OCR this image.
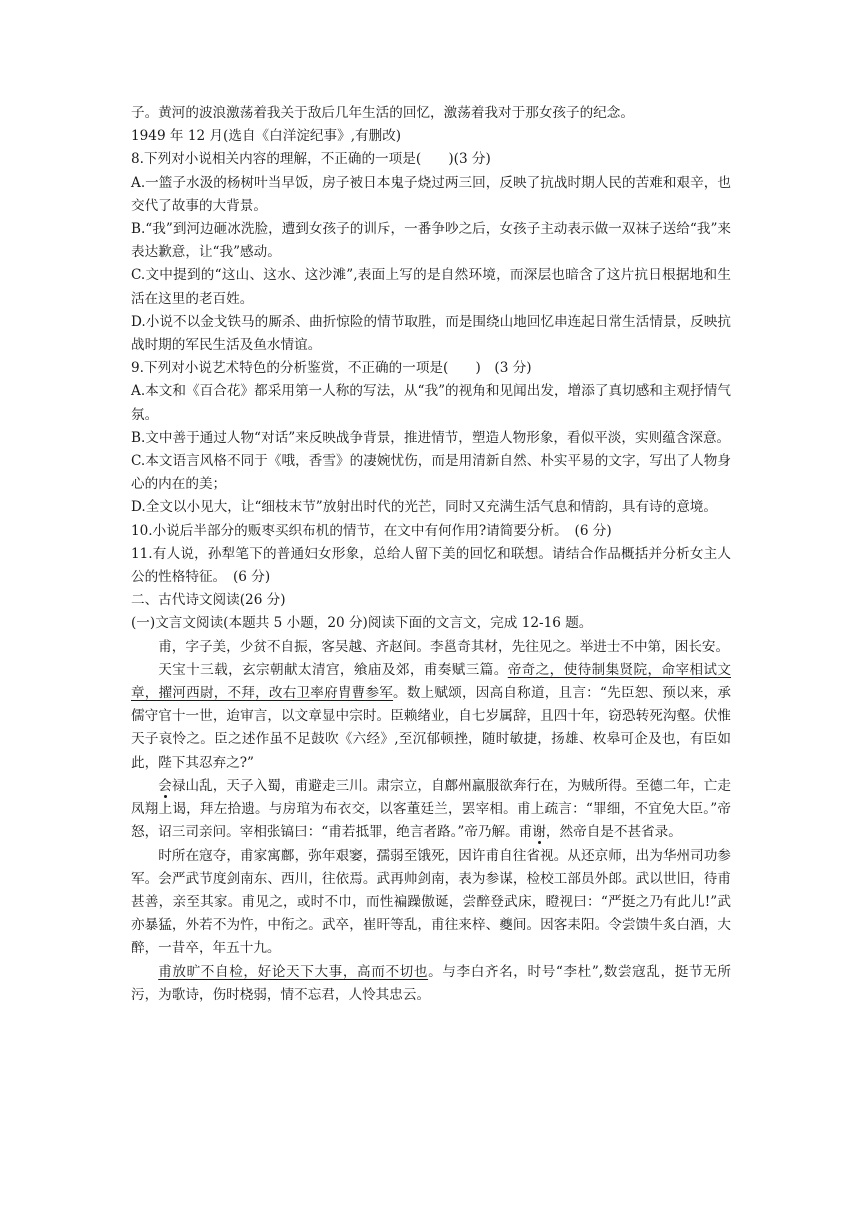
子。黄河的波浪激荡着我关于敌后几年生活的回忆，激荡着我对于那女孩子的纪念。

1949 年 12 月(选自《白洋淀纪事》,有删改)

8.下列对小说相关内容的理解，不正确的一项是(　　)(3 分)

A.一篮子水汲的杨树叶当早饭，房子被日本鬼子烧过两三回，反映了抗战时期人民的苦难和艰辛，也交代了故事的大背景。

B.“我”到河边砸冰洗脸，遭到女孩子的训斥，一番争吵之后，女孩子主动表示做一双袜子送给“我”来表达歉意，让“我”感动。

C.文中提到的“这山、这水、这沙滩”,表面上写的是自然环境，而深层也暗含了这片抗日根据地和生活在这里的老百姓。

D.小说不以金戈铁马的厮杀、曲折惊险的情节取胜，而是围绕山地回忆串连起日常生活情景，反映抗战时期的军民生活及鱼水情谊。

9.下列对小说艺术特色的分析鉴赏，不正确的一项是(　　)　(3 分)

A.本文和《百合花》都采用第一人称的写法，从“我”的视角和见闻出发，增添了真切感和主观抒情气氛。

B.文中善于通过人物“对话”来反映战争背景，推进情节，塑造人物形象，看似平淡，实则蕴含深意。

C.本文语言风格不同于《哦，香雪》的凄婉忧伤，而是用清新自然、朴实平易的文字，写出了人物身心的内在的美；

D.全文以小见大，让“细枝末节”放射出时代的光芒，同时又充满生活气息和情韵，具有诗的意境。

10.小说后半部分的贩枣买织布机的情节，在文中有何作用?请简要分析。　(6 分)

11.有人说，孙犁笔下的普通妇女形象，总给人留下美的回忆和联想。请结合作品概括并分析女主人公的性格特征。　(6 分)

二、古代诗文阅读(26 分)

(一)文言文阅读(本题共 5 小题，20 分)阅读下面的文言文，完成 12-16 题。

甫，字子美，少贫不自振，客吴越、齐赵间。李邕奇其材，先往见之。举进士不中第，困长安。

天宝十三载，玄宗朝献太清宫，飨庙及郊，甫奏赋三篇。帝奇之，使待制集贤院，命宰相试文章，擢河西尉，不拜，改右卫率府胄曹参军。数上赋颂，因高自称道，且言：“先臣恕、预以来，承儒守官十一世，迨审言，以文章显中宗时。臣赖绪业，自七岁属辞，且四十年，窃恐转死沟壑。伏惟天子哀怜之。臣之述作虽不足鼓吹《六经》,至沉郁顿挫，随时敏捷，扬雄、枚皋可企及也，有臣如此，陛下其忍弃之?”

会禄山乱，天子入蜀，甫避走三川。肃宗立，自鄜州羸服欲奔行在，为贼所得。至德二年，亡走凤翔上谒，拜左拾遗。与房琯为布衣交，以客董廷兰，罢宰相。甫上疏言：“罪细，不宜免大臣。”帝怒，诏三司亲问。宰相张镐曰：“甫若抵罪，绝言者路。”帝乃解。甫谢，然帝自是不甚省录。

时所在寇夺，甫家寓鄜，弥年艰窭，孺弱至饿死，因许甫自往省视。从还京师，出为华州司功参军。会严武节度剑南东、西川，往依焉。武再帅剑南，表为参谋，检校工部员外郎。武以世旧，待甫甚善，亲至其家。甫见之，或时不巾，而性褊躁傲诞，尝醉登武床，瞪视曰：“严挺之乃有此儿!”武亦暴猛，外若不为忤，中衔之。武卒，崔旰等乱，甫往来梓、夔间。因客耒阳。令尝馈牛炙白酒，大醉，一昔卒，年五十九。

甫放旷不自检，好论天下大事，高而不切也。与李白齐名，时号“李杜”,数尝寇乱，挺节无所污，为歌诗，伤时桡弱，情不忘君，人怜其忠云。
